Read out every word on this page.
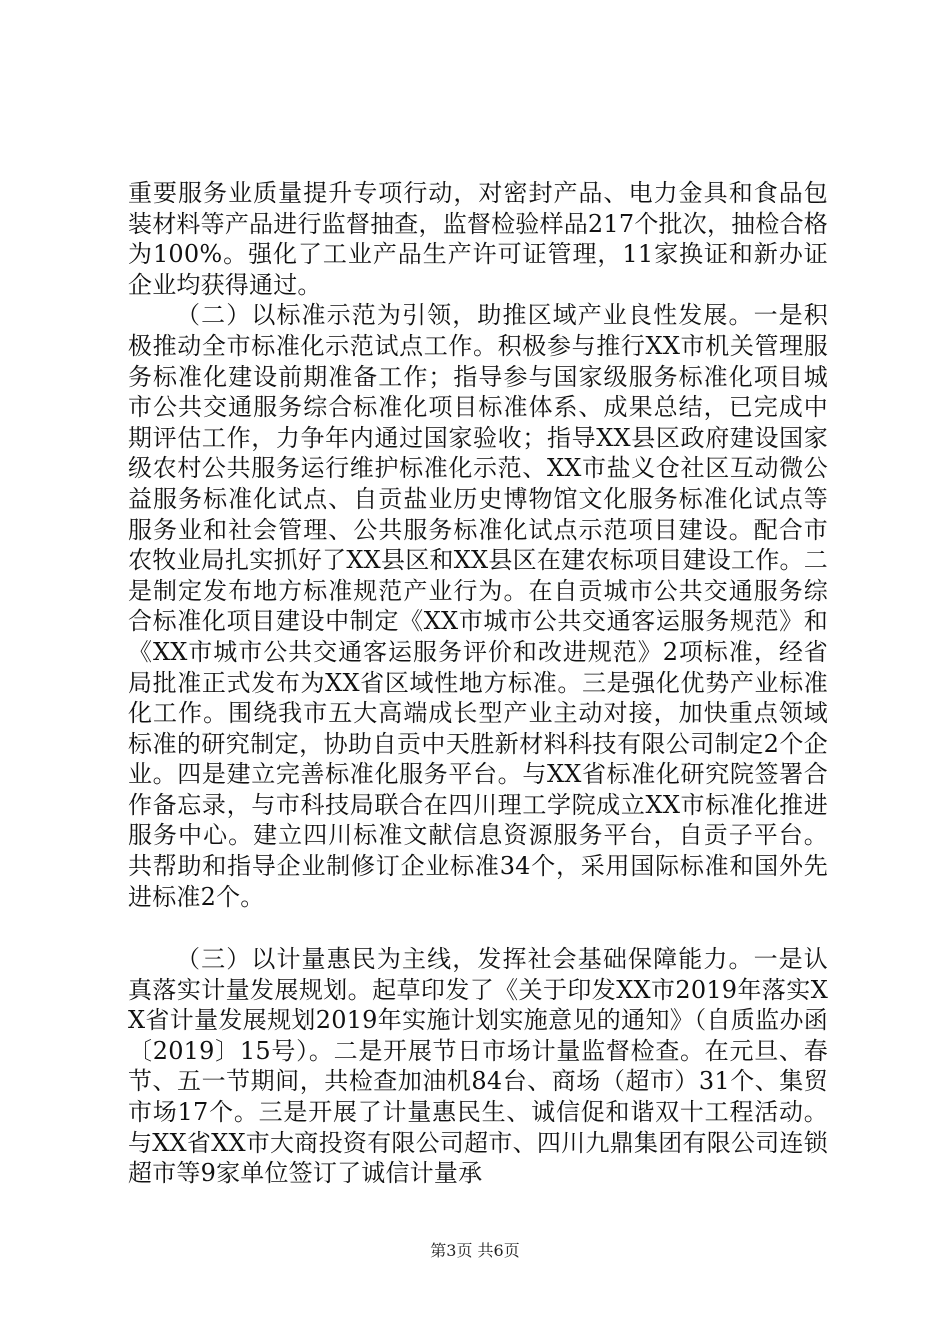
重要服务业质量提升专项行动，对密封产品、电力金具和食品包装材料等产品进行监督抽查，监督检验样品217个批次，抽检合格为100%。强化了工业产品生产许可证管理，11家换证和新办证企业均获得通过。

（二）以标准示范为引领，助推区域产业良性发展。一是积极推动全市标准化示范试点工作。积极参与推行XX市机关管理服务标准化建设前期准备工作；指导参与国家级服务标准化项目城市公共交通服务综合标准化项目标准体系、成果总结，已完成中期评估工作，力争年内通过国家验收；指导XX县区政府建设国家级农村公共服务运行维护标准化示范、XX市盐义仓社区互动微公益服务标准化试点、自贡盐业历史博物馆文化服务标准化试点等服务业和社会管理、公共服务标准化试点示范项目建设。配合市农牧业局扎实抓好了XX县区和XX县区在建农标项目建设工作。二是制定发布地方标准规范产业行为。在自贡城市公共交通服务综合标准化项目建设中制定《XX市城市公共交通客运服务规范》和《XX市城市公共交通客运服务评价和改进规范》2项标准，经省局批准正式发布为XX省区域性地方标准。三是强化优势产业标准化工作。围绕我市五大高端成长型产业主动对接，加快重点领域标准的研究制定，协助自贡中天胜新材料科技有限公司制定2个企业。四是建立完善标准化服务平台。与XX省标准化研究院签署合作备忘录，与市科技局联合在四川理工学院成立XX市标准化推进服务中心。建立四川标准文献信息资源服务平台，自贡子平台。共帮助和指导企业制修订企业标准34个，采用国际标准和国外先进标准2个。

（三）以计量惠民为主线，发挥社会基础保障能力。一是认真落实计量发展规划。起草印发了《关于印发XX市2019年落实XX省计量发展规划2019年实施计划实施意见的通知》（自质监办函〔2019〕15号）。二是开展节日市场计量监督检查。在元旦、春节、五一节期间，共检查加油机84台、商场（超市）31个、集贸市场17个。三是开展了计量惠民生、诚信促和谐双十工程活动。与XX省XX市大商投资有限公司超市、四川九鼎集团有限公司连锁超市等9家单位签订了诚信计量承

第3页 共6页
